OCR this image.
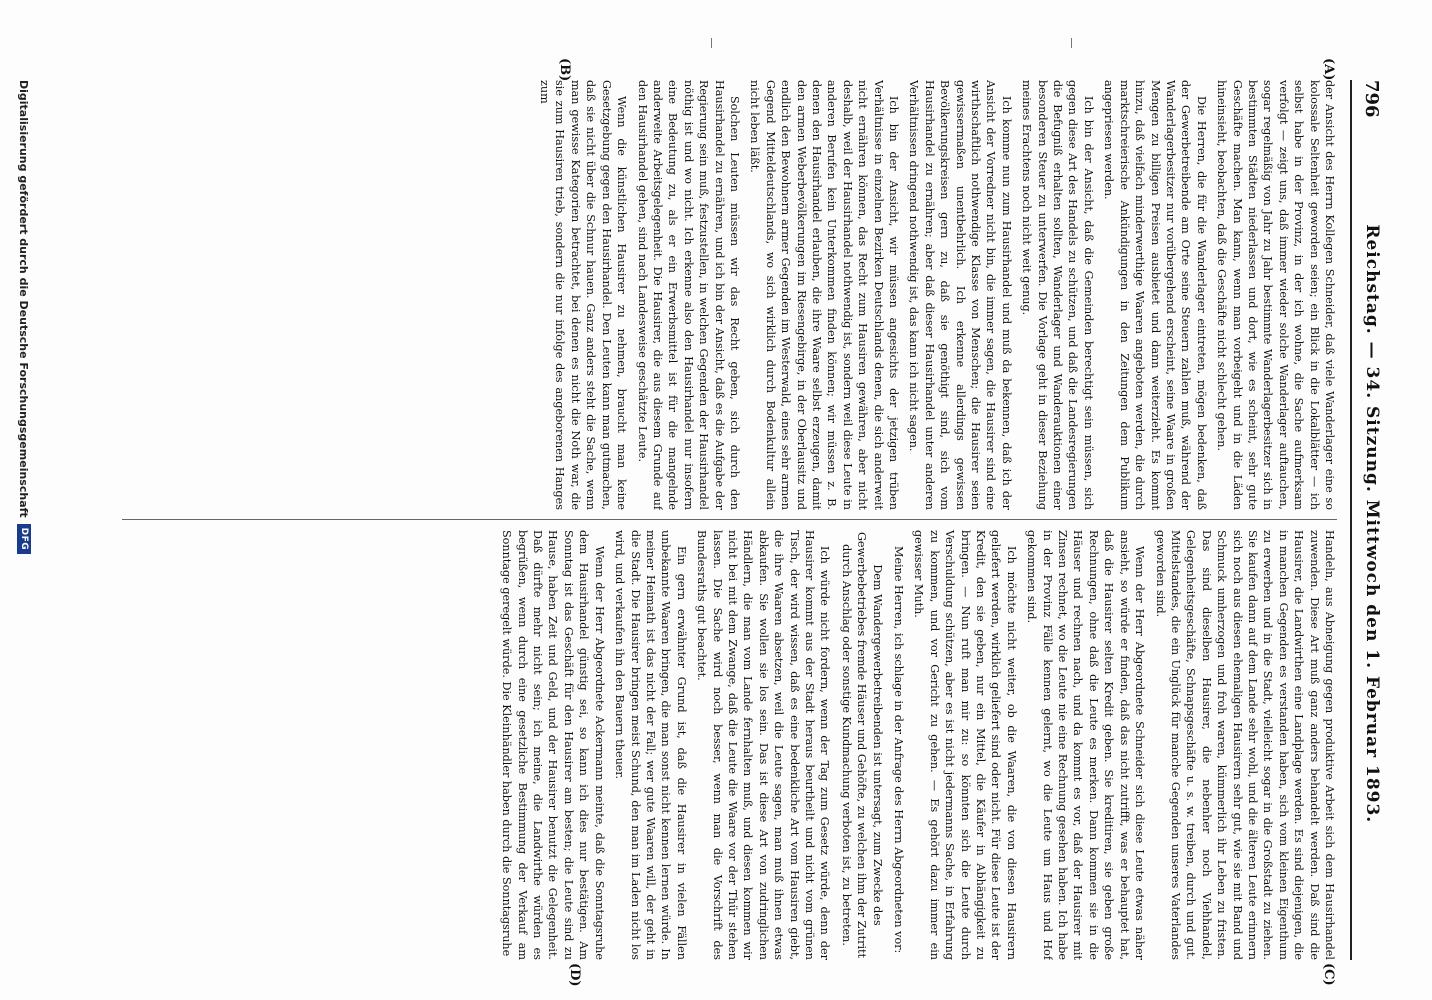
796
Reichstag. — 34. Sitzung. Mittwoch den 1. Februar 1893.
(A)
(B)
(C)
(D)

der Ansicht des Herrn Kollegen Schneider, daß viele Wanderlager eine so kolossale Seltenheit geworden seien; ein Blick in die Lokalblätter — ich selbst habe in der Provinz, in der ich wohne, die Sache aufmerksam verfolgt — zeigt uns, daß immer wieder solche Wanderlager auftauchen, sogar regelmäßig von Jahr zu Jahr bestimmte Wanderlagerbesitzer sich in bestimmten Städten niederlassen und dort, wie es scheint, sehr gute Geschäfte machen. Man kann, wenn man vorbeigeht und in die Läden hineinsieht, beobachten, daß die Geschäfte nicht schlecht gehen.

Die Herren, die für die Wanderlager eintreten, mögen bedenken, daß der Gewerbetreibende am Orte seine Steuern zahlen muß, während der Wanderlagerbesitzer nur vorübergehend erscheint, seine Waare in großen Mengen zu billigen Preisen ausbietet und dann weiterzieht. Es kommt hinzu, daß vielfach minderwerthige Waaren angeboten werden, die durch marktschreierische Ankündigungen in den Zeitungen dem Publikum angepriesen werden.

Ich bin der Ansicht, daß die Gemeinden berechtigt sein müssen, sich gegen diese Art des Handels zu schützen, und daß die Landesregierungen die Befugniß erhalten sollten, Wanderlager und Wanderauktionen einer besonderen Steuer zu unterwerfen. Die Vorlage geht in dieser Beziehung meines Erachtens noch nicht weit genug.

Ich komme nun zum Hausirhandel und muß da bekennen, daß ich der Ansicht der Vorredner nicht bin, die immer sagen, die Hausirer sind eine wirthschaftlich nothwendige Klasse von Menschen; die Hausirer seien gewissermaßen unentbehrlich. Ich erkenne allerdings gewissen Bevölkerungskreisen gern zu, daß sie genöthigt sind, sich vom Hausirhandel zu ernähren; aber daß dieser Hausirhandel unter anderen Verhältnissen dringend nothwendig ist, das kann ich nicht sagen.

Ich bin der Ansicht, wir müssen angesichts der jetzigen trüben Verhältnisse in einzelnen Bezirken Deutschlands denen, die sich anderweit nicht ernähren können, das Recht zum Hausiren gewähren, aber nicht deshalb, weil der Hausirhandel nothwendig ist, sondern weil diese Leute in anderen Berufen kein Unterkommen finden können; wir müssen z. B. denen den Hausirhandel erlauben, die ihre Waare selbst erzeugen, damit den armen Weberbevölkerungen im Riesengebirge, in der Oberlausitz und endlich den Bewohnern armer Gegenden im Westerwald, eines sehr armen Gegend Mitteldeutschlands, wo sich wirklich durch Bodenkultur allein nicht leben läßt.

Solchen Leuten müssen wir das Recht geben, sich durch den Hausirhandel zu ernähren, und ich bin der Ansicht, daß es die Aufgabe der Regierung sein muß, festzustellen, in welchen Gegenden der Hausirhandel nöthig ist und wo nicht. Ich erkenne also den Hausirhandel nur insofern eine Bedeutung zu, als er ein Erwerbsmittel ist für die mangelnde anderweite Arbeitsgelegenheit. Die Hausirer, die aus diesem Grunde auf den Hausirhandel gehen, sind nach Landesweise geschätzte Leute.

Wenn die künstlichen Hausirer zu nehmen, braucht man keine Gesetzgebung gegen den Hausirhandel. Den Leuten kann man gutmachen, daß sie nicht über die Schnur hauen. Ganz anders steht die Sache, wenn man gewisse Kategorien betrachtet, bei denen es nicht die Noth war, die sie zum Hausiren trieb, sondern die nur infolge des angeborenen Hanges zum

Handeln, aus Abneigung gegen produktive Arbeit sich dem Hausirhandel zuwenden. Diese Art muß ganz anders behandelt werden. Daß sind die Hausirer, die Landwirthen eine Landplage werden. Es sind diejenigen, die in manchen Gegenden es verstanden haben, sich vom kleinen Eigenthum zu erwerben und in die Stadt, vielleicht sogar in die Großstadt zu ziehen. Sie kaufen dann auf dem Lande sehr wohl, und die älteren Leute erinnern sich noch aus diesen ehemaligen Hausirern sehr gut, wie sie mit Band und Schmuck umherzogen und froh waren, kümmerlich ihr Leben zu fristen. Das sind dieselben Hausirer, die nebenher noch Viehhandel, Gelegenheitsgeschäfte, Schnapsgeschäfte u. s. w. treiben, durch und gut. Mittelstandes, die ein Unglück für manche Gegenden unseres Vaterlandes geworden sind.

Wenn der Herr Abgeordnete Schneider sich diese Leute etwas näher ansieht, so würde er finden, daß das nicht zutrifft, was er behauptet hat, daß die Hausirer selten Kredit geben. Sie kreditiren, sie geben große Rechnungen, ohne daß die Leute es merken. Dann kommen sie in die Häuser und rechnen nach, und da kommt es vor, daß der Hausirer mit Zinsen rechnet, wo die Leute nie eine Rechnung gesehen haben. Ich habe in der Provinz Fälle kennen gelernt, wo die Leute um Haus und Hof gekommen sind.

Ich möchte nicht weiter, ob die Waaren, die von diesen Hausirern geliefert werden, wirklich geliefert sind oder nicht. Für diese Leute ist der Kredit, den sie geben, nur ein Mittel, die Käufer in Abhängigkeit zu bringen. — Nun ruft man mir zu: so könnten sich die Leute durch Verschuldung schützen, aber es ist nicht jedermanns Sache, in Erfahrung zu kommen, und vor Gericht zu gehen. — Es gehört dazu immer ein gewisser Muth.

Meine Herren, ich schlage in der Anfrage des Herrn Abgeordneten vor:

Dem Wandergewerbetreibenden ist untersagt, zum Zwecke des Gewerbebetriebes fremde Häuser und Gehöfte, zu welchen ihm der Zutritt durch Anschlag oder sonstige Kundmachung verboten ist, zu betreten.

Ich würde nicht fordern, wenn der Tag zum Gesetz würde, denn der Hausirer kommt aus der Stadt heraus beurtheilt und nicht vom grünen Tisch, der wird wissen, daß es eine bedenkliche Art vom Hausiren giebt, die ihre Waaren absetzen, weil die Leute sagen, man muß ihnen etwas abkaufen. Sie wollen sie los sein. Das ist diese Art von zudringlichen Händlern, die man vom Lande fernhalten muß, und diesen kommen wir nicht bei mit dem Zwange, daß die Leute die Waare vor der Thür stehen lassen. Die Sache wird noch besser, wenn man die Vorschrift des Bundesraths gut beachtet.

Ein gern erwähnter Grund ist, daß die Hausirer in vielen Fällen unbekannte Waaren bringen, die man sonst nicht kennen lernen würde. In meiner Heimath ist das nicht der Fall; wer gute Waaren will, der geht in die Stadt. Die Hausirer bringen meist Schund, den man im Laden nicht los wird, und verkaufen ihn den Bauern theuer.

Wenn der Herr Abgeordnete Ackermann meinte, daß die Sonntagsruhe dem Hausirhandel günstig sei, so kann ich dies nur bestätigen. Am Sonntag ist das Geschäft für den Hausirer am besten; die Leute sind zu Hause, haben Zeit und Geld, und der Hausirer benutzt die Gelegenheit. Daß dürfte mehr nicht sein; ich meine, die Landwirthe würden es begrüßen, wenn durch eine gesetzliche Bestimmung der Verkauf am Sonntage geregelt würde. Die Kleinhändler haben durch die Sonntagsruhe

Digitalisierung gefördert durch die Deutsche Forschungsgemeinschaft
DFG
